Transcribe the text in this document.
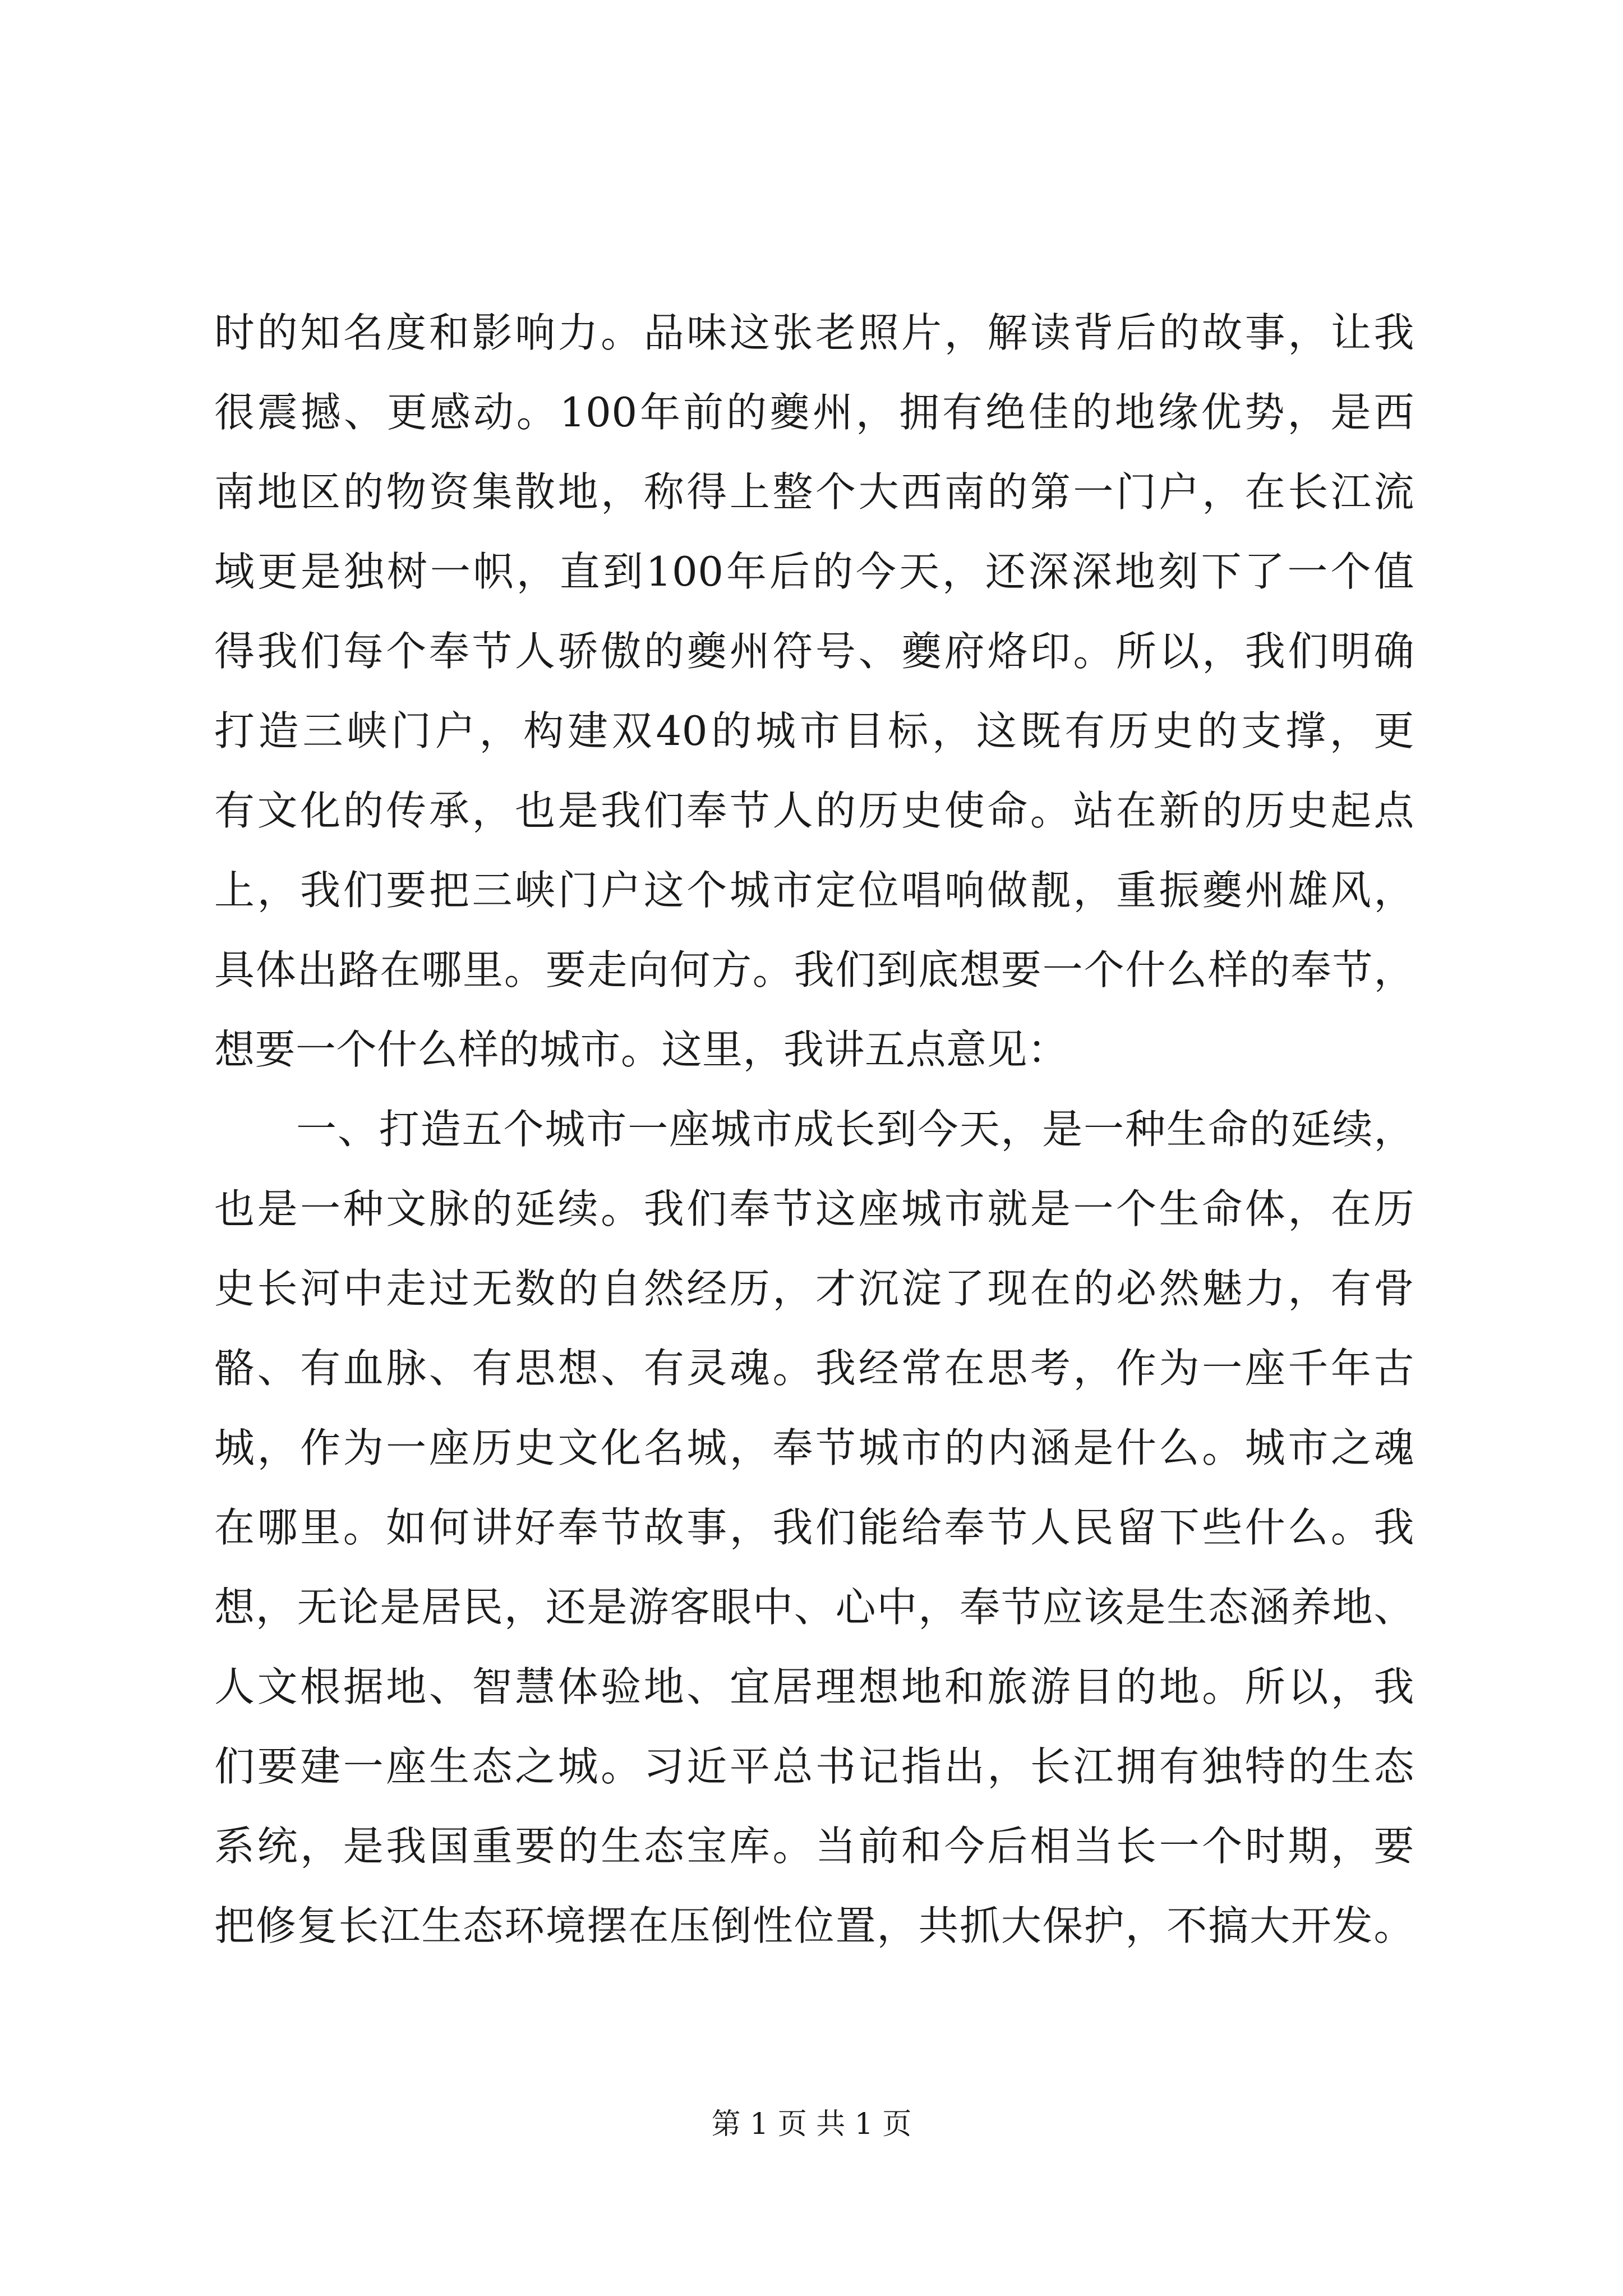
时的知名度和影响力。品味这张老照片，解读背后的故事，让我
很震撼、更感动。100年前的夔州，拥有绝佳的地缘优势，是西
南地区的物资集散地，称得上整个大西南的第一门户，在长江流
域更是独树一帜，直到100年后的今天，还深深地刻下了一个值
得我们每个奉节人骄傲的夔州符号、夔府烙印。所以，我们明确
打造三峡门户，构建双40的城市目标，这既有历史的支撑，更
有文化的传承，也是我们奉节人的历史使命。站在新的历史起点
上，我们要把三峡门户这个城市定位唱响做靓，重振夔州雄风，
具体出路在哪里。要走向何方。我们到底想要一个什么样的奉节，
想要一个什么样的城市。这里，我讲五点意见：
一、打造五个城市一座城市成长到今天，是一种生命的延续，
也是一种文脉的延续。我们奉节这座城市就是一个生命体，在历
史长河中走过无数的自然经历，才沉淀了现在的必然魅力，有骨
骼、有血脉、有思想、有灵魂。我经常在思考，作为一座千年古
城，作为一座历史文化名城，奉节城市的内涵是什么。城市之魂
在哪里。如何讲好奉节故事，我们能给奉节人民留下些什么。我
想，无论是居民，还是游客眼中、心中，奉节应该是生态涵养地、
人文根据地、智慧体验地、宜居理想地和旅游目的地。所以，我
们要建一座生态之城。习近平总书记指出，长江拥有独特的生态
系统，是我国重要的生态宝库。当前和今后相当长一个时期，要
把修复长江生态环境摆在压倒性位置，共抓大保护，不搞大开发。
第 1 页 共 1 页
